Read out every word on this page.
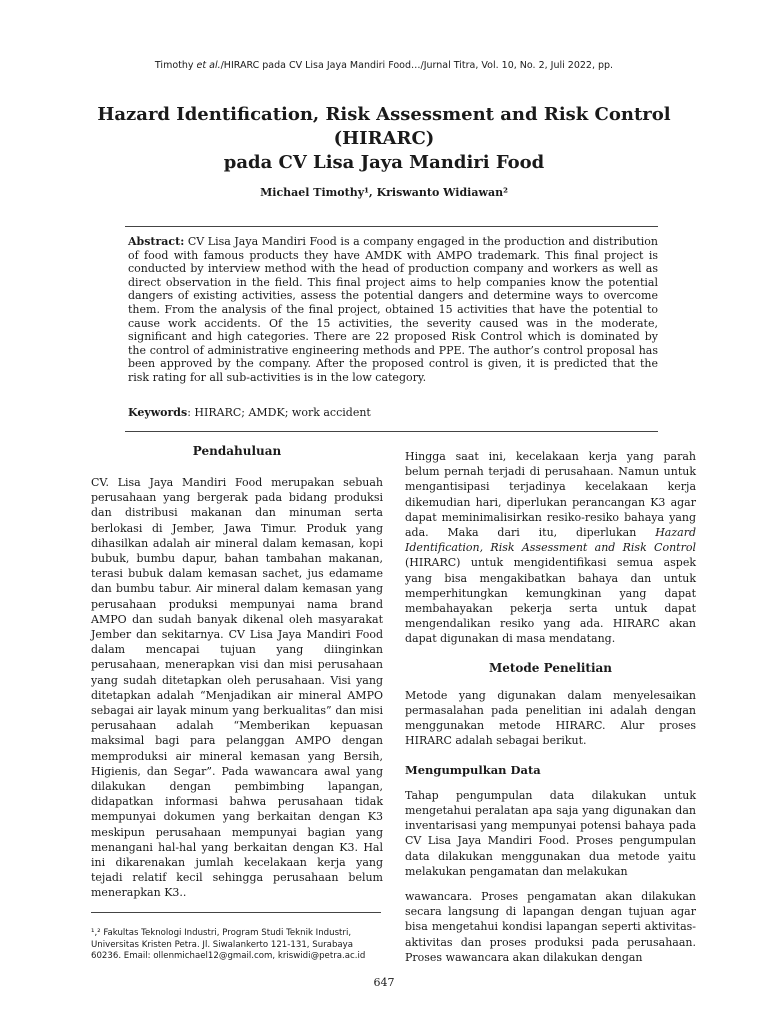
Timothy et al./HIRARC pada CV Lisa Jaya Mandiri Food…/Jurnal Titra, Vol. 10, No. 2, Juli 2022, pp.
Hazard Identification, Risk Assessment and Risk Control (HIRARC)
pada CV Lisa Jaya Mandiri Food
Michael Timothy¹, Kriswanto Widiawan²
Abstract: CV Lisa Jaya Mandiri Food is a company engaged in the production and distribution of food with famous products they have AMDK with AMPO trademark. This final project is conducted by interview method with the head of production company and workers as well as direct observation in the field. This final project aims to help companies know the potential dangers of existing activities, assess the potential dangers and determine ways to overcome them. From the analysis of the final project, obtained 15 activities that have the potential to cause work accidents. Of the 15 activities, the severity caused was in the moderate, significant and high categories. There are 22 proposed Risk Control which is dominated by the control of administrative engineering methods and PPE. The author’s control proposal has been approved by the company. After the proposed control is given, it is predicted that the risk rating for all sub-activities is in the low category.
Keywords: HIRARC; AMDK; work accident
Pendahuluan

CV. Lisa Jaya Mandiri Food merupakan sebuah perusahaan yang bergerak pada bidang produksi dan distribusi makanan dan minuman serta berlokasi di Jember, Jawa Timur. Produk yang dihasilkan adalah air mineral dalam kemasan, kopi bubuk, bumbu dapur, bahan tambahan makanan, terasi bubuk dalam kemasan sachet, jus edamame dan bumbu tabur. Air mineral dalam kemasan yang perusahaan produksi mempunyai nama brand AMPO dan sudah banyak dikenal oleh masyarakat Jember dan sekitarnya. CV Lisa Jaya Mandiri Food dalam mencapai tujuan yang diinginkan perusahaan, menerapkan visi dan misi perusahaan yang sudah ditetapkan oleh perusahaan. Visi yang ditetapkan adalah “Menjadikan air mineral AMPO sebagai air layak minum yang berkualitas” dan misi perusahaan adalah “Memberikan kepuasan maksimal bagi para pelanggan AMPO dengan memproduksi air mineral kemasan yang Bersih, Higienis, dan Segar”. Pada wawancara awal yang dilakukan dengan pembimbing lapangan, didapatkan informasi bahwa perusahaan tidak mempunyai dokumen yang berkaitan dengan K3 meskipun perusahaan mempunyai bagian yang menangani hal-hal yang berkaitan dengan K3. Hal ini dikarenakan jumlah kecelakaan kerja yang tejadi relatif kecil sehingga perusahaan belum menerapkan K3..

Hingga saat ini, kecelakaan kerja yang parah belum pernah terjadi di perusahaan. Namun untuk mengantisipasi terjadinya kecelakaan kerja dikemudian hari, diperlukan perancangan K3 agar dapat meminimalisirkan resiko-resiko bahaya yang ada. Maka dari itu, diperlukan Hazard Identification, Risk Assessment and Risk Control (HIRARC) untuk mengidentifikasi semua aspek yang bisa mengakibatkan bahaya dan untuk memperhitungkan kemungkinan yang dapat membahayakan pekerja serta untuk dapat mengendalikan resiko yang ada. HIRARC akan dapat digunakan di masa mendatang.

Metode Penelitian

Metode yang digunakan dalam menyelesaikan permasalahan pada penelitian ini adalah dengan menggunakan metode HIRARC. Alur proses HIRARC adalah sebagai berikut.

Mengumpulkan Data

Tahap pengumpulan data dilakukan untuk mengetahui peralatan apa saja yang digunakan dan inventarisasi yang mempunyai potensi bahaya pada CV Lisa Jaya Mandiri Food. Proses pengumpulan data dilakukan menggunakan dua metode yaitu melakukan pengamatan dan melakukan

wawancara. Proses pengamatan akan dilakukan secara langsung di lapangan dengan tujuan agar bisa mengetahui kondisi lapangan seperti aktivitas-aktivitas dan proses produksi pada perusahaan. Proses wawancara akan dilakukan dengan

¹,² Fakultas Teknologi Industri, Program Studi Teknik Industri, Universitas Kristen Petra. Jl. Siwalankerto 121-131, Surabaya 60236. Email: ollenmichael12@gmail.com, kriswidi@petra.ac.id
647
